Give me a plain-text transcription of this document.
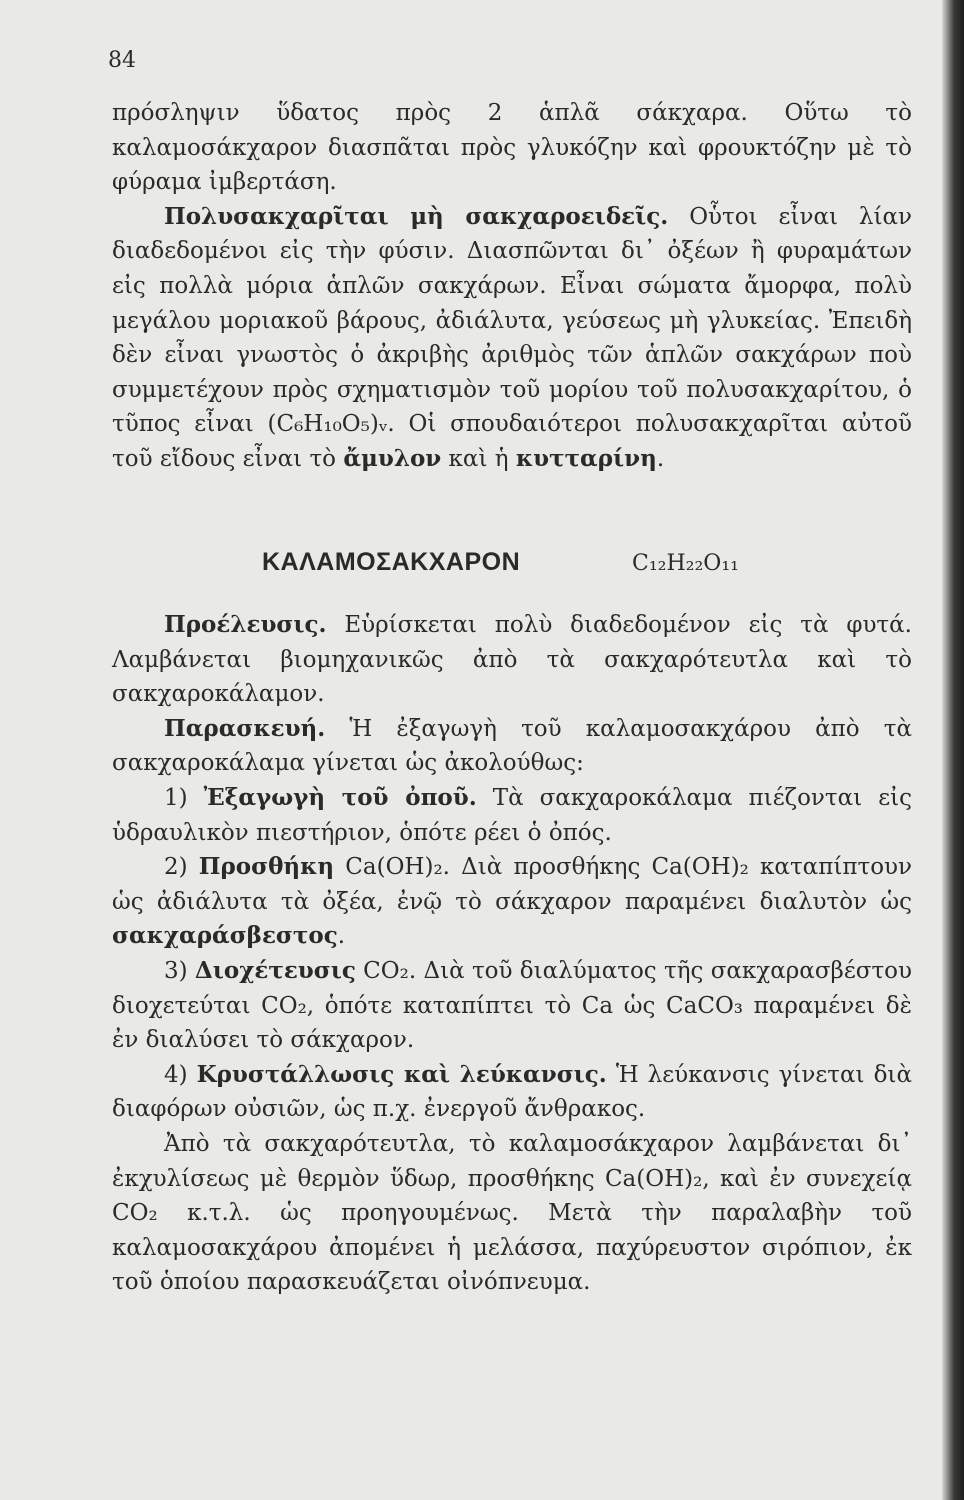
84

πρόσληψιν ὕδατος πρὸς 2 ἁπλᾶ σάκχαρα. Οὕτω τὸ καλαμοσάκχαρον διασπᾶται πρὸς γλυκόζην καὶ φρουκτόζην μὲ τὸ φύραμα ἰμβερτάση.

Πολυσακχαρῖται μὴ σακχαροειδεῖς. Οὗτοι εἶναι λίαν διαδεδομένοι εἰς τὴν φύσιν. Διασπῶνται δι᾽ ὀξέων ἢ φυραμάτων εἰς πολλὰ μόρια ἁπλῶν σακχάρων. Εἶναι σώματα ἄμορφα, πολὺ μεγάλου μοριακοῦ βάρους, ἀδιάλυτα, γεύσεως μὴ γλυκείας. Ἐπειδὴ δὲν εἶναι γνωστὸς ὁ ἀκριβὴς ἀριθμὸς τῶν ἁπλῶν σακχάρων ποὺ συμμετέχουν πρὸς σχηματισμὸν τοῦ μορίου τοῦ πολυσακχαρίτου, ὁ τῦπος εἶναι (C₆H₁₀O₅)ᵥ. Οἱ σπουδαιότεροι πολυσακχαρῖται αὐτοῦ τοῦ εἴδους εἶναι τὸ ἄμυλον καὶ ἡ κυτταρίνη.

ΚΑΛΑΜΟΣΑΚΧΑΡΟΝ	C₁₂H₂₂O₁₁

Προέλευσις. Εὑρίσκεται πολὺ διαδεδομένον εἰς τὰ φυτά. Λαμβάνεται βιομηχανικῶς ἀπὸ τὰ σακχαρότευτλα καὶ τὸ σακχαροκάλαμον.

Παρασκευή. Ἡ ἐξαγωγὴ τοῦ καλαμοσακχάρου ἀπὸ τὰ σακχαροκάλαμα γίνεται ὡς ἀκολούθως:

1) Ἐξαγωγὴ τοῦ ὀποῦ. Τὰ σακχαροκάλαμα πιέζονται εἰς ὑδραυλικὸν πιεστήριον, ὁπότε ρέει ὁ ὀπός.

2) Προσθήκη Ca(OH)₂. Διὰ προσθήκης Ca(OH)₂ καταπίπτουν ὡς ἀδιάλυτα τὰ ὀξέα, ἐνῷ τὸ σάκχαρον παραμένει διαλυτὸν ὡς σακχαράσβεστος.

3) Διοχέτευσις CO₂. Διὰ τοῦ διαλύματος τῆς σακχαρασβέστου διοχετεύται CO₂, ὁπότε καταπίπτει τὸ Ca ὡς CaCO₃ παραμένει δὲ ἐν διαλύσει τὸ σάκχαρον.

4) Κρυστάλλωσις καὶ λεύκανσις. Ἡ λεύκανσις γίνεται διὰ διαφόρων οὐσιῶν, ὡς π.χ. ἐνεργοῦ ἄνθρακος.

Ἀπὸ τὰ σακχαρότευτλα, τὸ καλαμοσάκχαρον λαμβάνεται δι᾽ ἐκχυλίσεως μὲ θερμὸν ὕδωρ, προσθήκης Ca(OH)₂, καὶ ἐν συνεχείᾳ CO₂ κ.τ.λ. ὡς προηγουμένως. Μετὰ τὴν παραλαβὴν τοῦ καλαμοσακχάρου ἀπομένει ἡ μελάσσα, παχύρευστον σιρόπιον, ἐκ τοῦ ὁποίου παρασκευάζεται οἰνόπνευμα.
